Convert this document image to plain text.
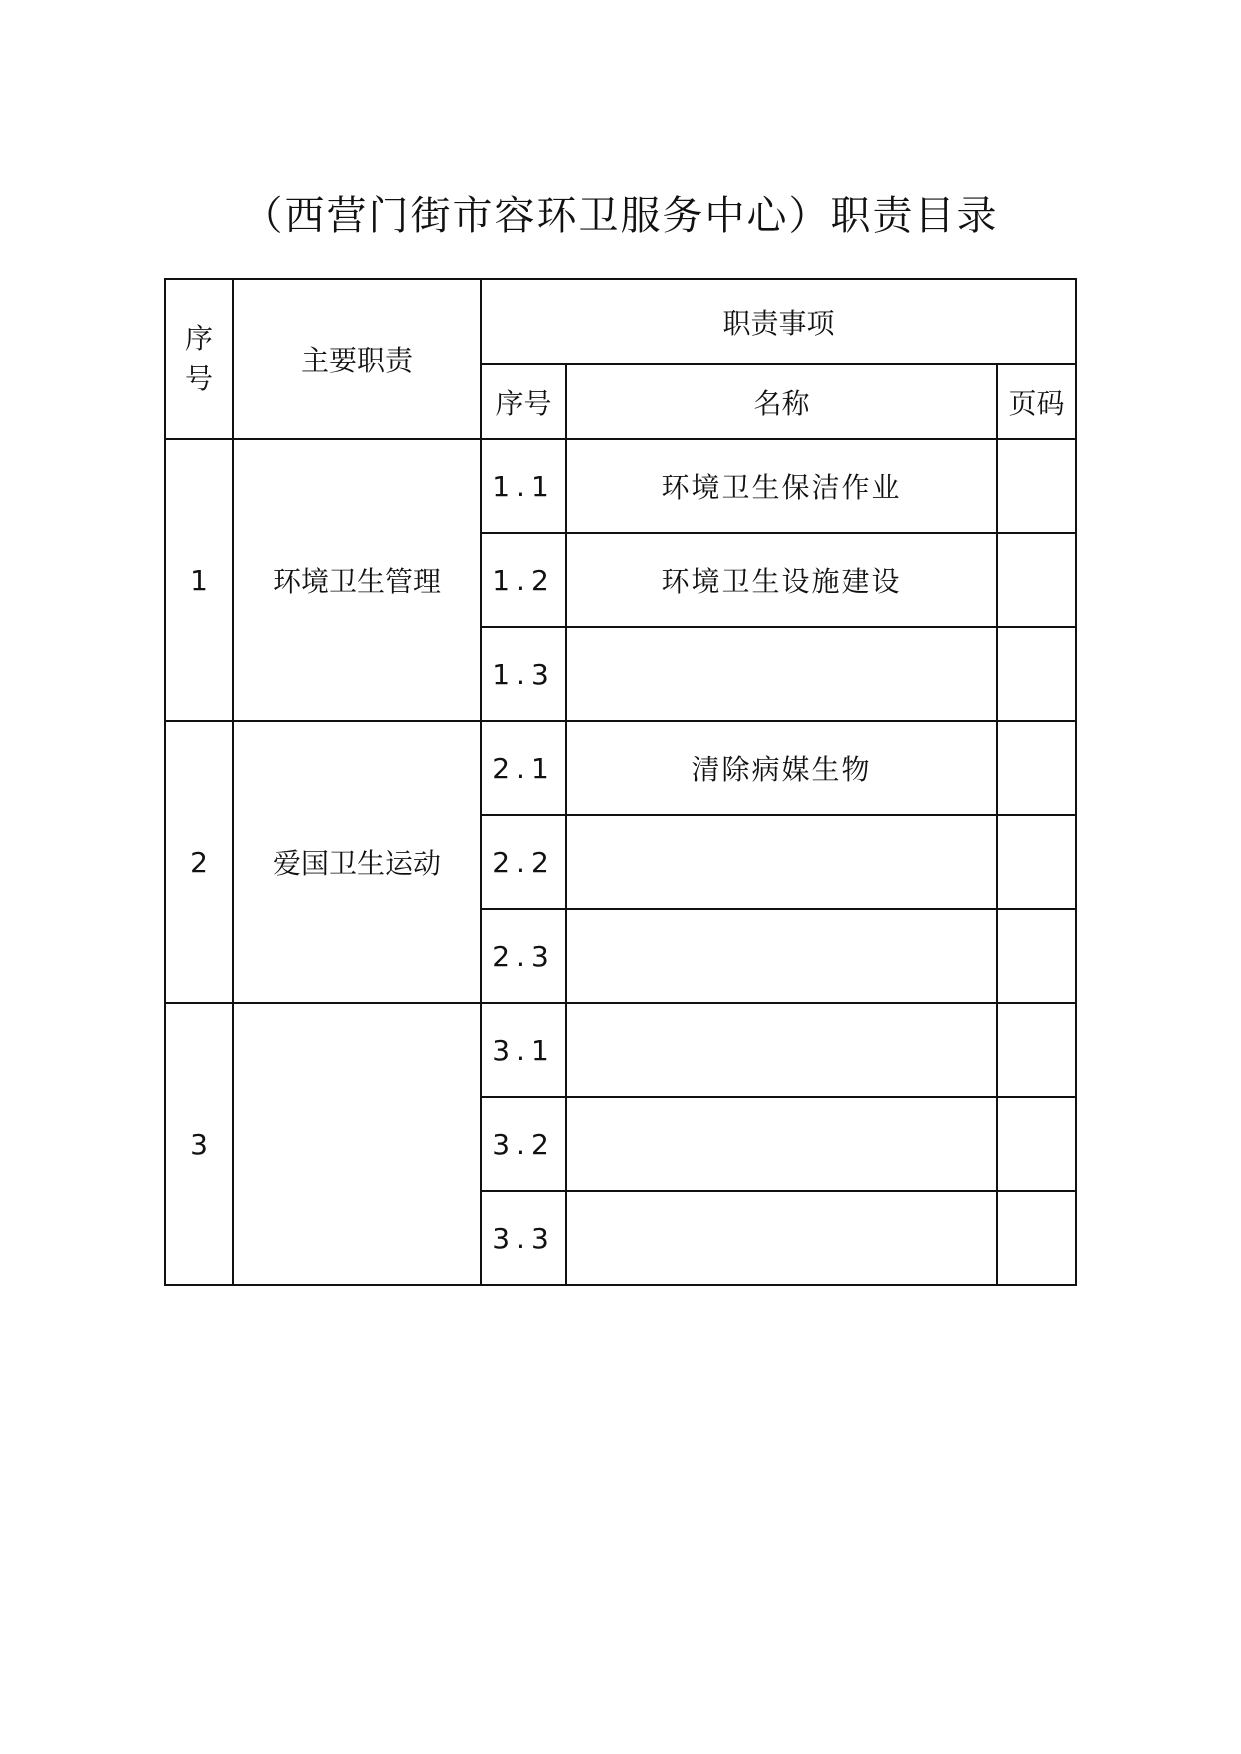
（西营门街市容环卫服务中心）职责目录
序号	主要职责	职责事项		
		序号	名称	页码
1	环境卫生管理	1.1	环境卫生保洁作业	
		1.2	环境卫生设施建设	
		1.3		
2	爱国卫生运动	2.1	清除病媒生物	
		2.2		
		2.3		
3		3.1		
		3.2		
		3.3		
